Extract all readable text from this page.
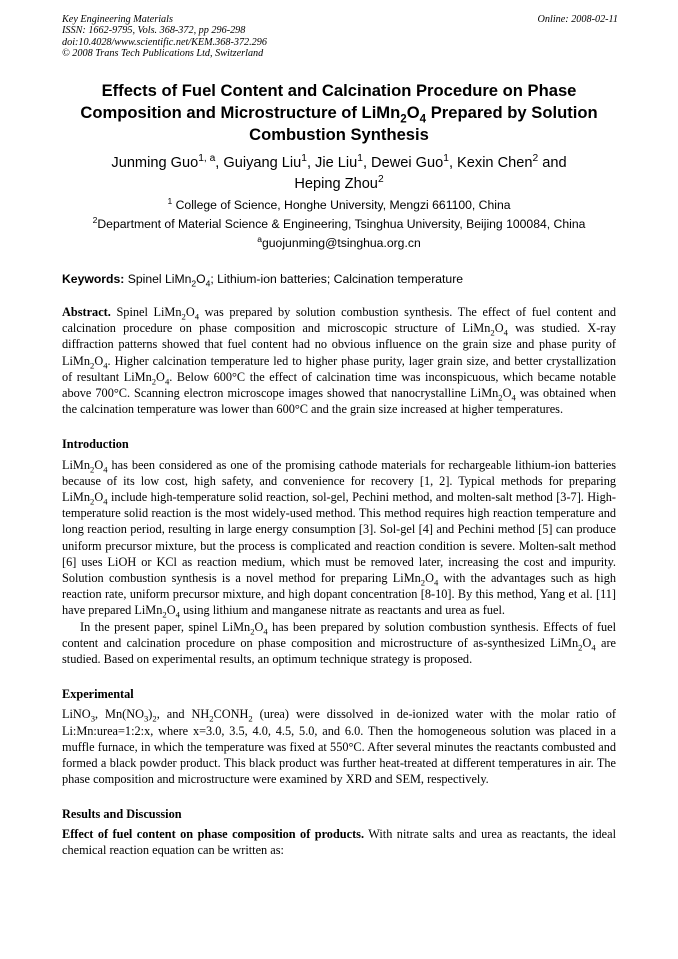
Key Engineering Materials
ISSN: 1662-9795, Vols. 368-372, pp 296-298
doi:10.4028/www.scientific.net/KEM.368-372.296
© 2008 Trans Tech Publications Ltd, Switzerland
Online: 2008-02-11
Effects of Fuel Content and Calcination Procedure on Phase
Composition and Microstructure of $LiMn_2O_4$ Prepared by Solution
Combustion Synthesis
Junming Guo$^{1, a}$, Guiyang Liu$^1$, Jie Liu$^1$, Dewei Guo$^1$, Kexin Chen$^2$ and
Heping Zhou$^2$
$^1$ College of Science, Honghe University, Mengzi 661100, China
$^2$Department of Material Science & Engineering, Tsinghua University, Beijing 100084, China
$^a$guojunming@tsinghua.org.cn
Keywords: Spinel $LiMn_2O_4$; Lithium-ion batteries; Calcination temperature

Abstract. Spinel $LiMn_2O_4$ was prepared by solution combustion synthesis. The effect of fuel content and calcination procedure on phase composition and microscopic structure of $LiMn_2O_4$ was studied. X-ray diffraction patterns showed that fuel content had no obvious influence on the grain size and phase purity of $LiMn_2O_4$. Higher calcination temperature led to higher phase purity, lager grain size, and better crystallization of resultant $LiMn_2O_4$. Below 600°C the effect of calcination time was inconspicuous, which became notable above 700°C. Scanning electron microscope images showed that nanocrystalline $LiMn_2O_4$ was obtained when the calcination temperature was lower than 600°C and the grain size increased at higher temperatures.

Introduction

$LiMn_2O_4$ has been considered as one of the promising cathode materials for rechargeable lithium-ion batteries because of its low cost, high safety, and convenience for recovery [1, 2]. Typical methods for preparing $LiMn_2O_4$ include high-temperature solid reaction, sol-gel, Pechini method, and molten-salt method [3-7]. High-temperature solid reaction is the most widely-used method. This method requires high reaction temperature and long reaction period, resulting in large energy consumption [3]. Sol-gel [4] and Pechini method [5] can produce uniform precursor mixture, but the process is complicated and reaction condition is severe. Molten-salt method [6] uses LiOH or KCl as reaction medium, which must be removed later, increasing the cost and impurity. Solution combustion synthesis is a novel method for preparing $LiMn_2O_4$ with the advantages such as high reaction rate, uniform precursor mixture, and high dopant concentration [8-10]. By this method, Yang et al. [11] have prepared $LiMn_2O_4$ using lithium and manganese nitrate as reactants and urea as fuel.

In the present paper, spinel $LiMn_2O_4$ has been prepared by solution combustion synthesis. Effects of fuel content and calcination procedure on phase composition and microstructure of as-synthesized $LiMn_2O_4$ are studied. Based on experimental results, an optimum technique strategy is proposed.

Experimental

LiNO$_3$, $Mn(NO_3)_2$, and $NH_2CONH_2$ (urea) were dissolved in de-ionized water with the molar ratio of Li:Mn:urea=1:2:x, where x=3.0, 3.5, 4.0, 4.5, 5.0, and 6.0. Then the homogeneous solution was placed in a muffle furnace, in which the temperature was fixed at 550°C. After several minutes the reactants combusted and formed a black powder product. This black product was further heat-treated at different temperatures in air. The phase composition and microstructure were examined by XRD and SEM, respectively.

Results and Discussion

Effect of fuel content on phase composition of products. With nitrate salts and urea as reactants, the ideal chemical reaction equation can be written as:
